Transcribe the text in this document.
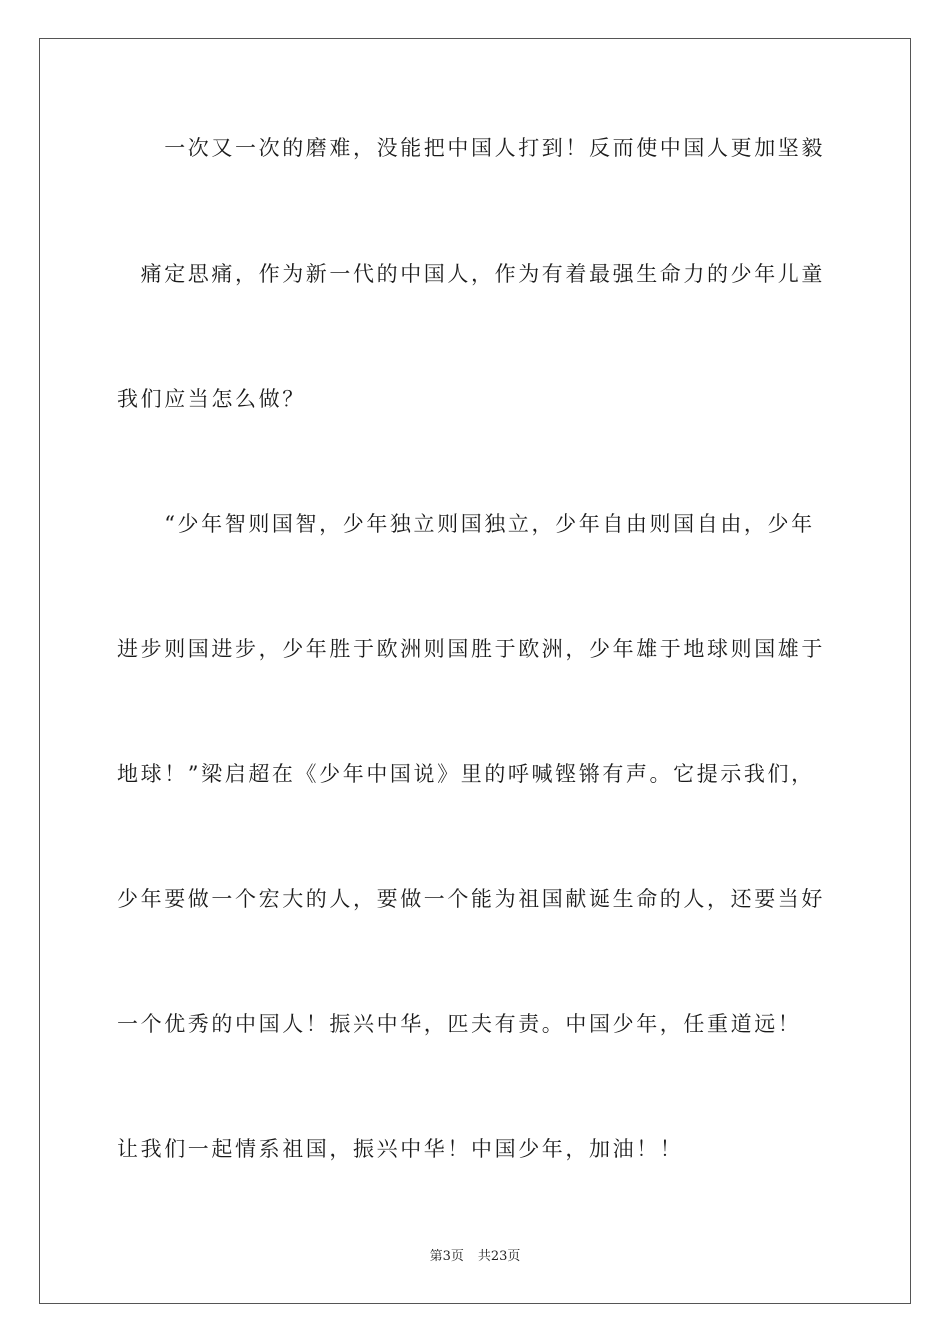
　　一次又一次的磨难，没能把中国人打到！反而使中国人更加坚毅
　痛定思痛，作为新一代的中国人，作为有着最强生命力的少年儿童
我们应当怎么做？
　　“少年智则国智，少年独立则国独立，少年自由则国自由，少年
进步则国进步，少年胜于欧洲则国胜于欧洲，少年雄于地球则国雄于
地球！”梁启超在《少年中国说》里的呼喊铿锵有声。它提示我们，
少年要做一个宏大的人，要做一个能为祖国献诞生命的人，还要当好
一个优秀的中国人！振兴中华，匹夫有责。中国少年，任重道远！
让我们一起情系祖国，振兴中华！中国少年，加油！！
第3页 共23页
